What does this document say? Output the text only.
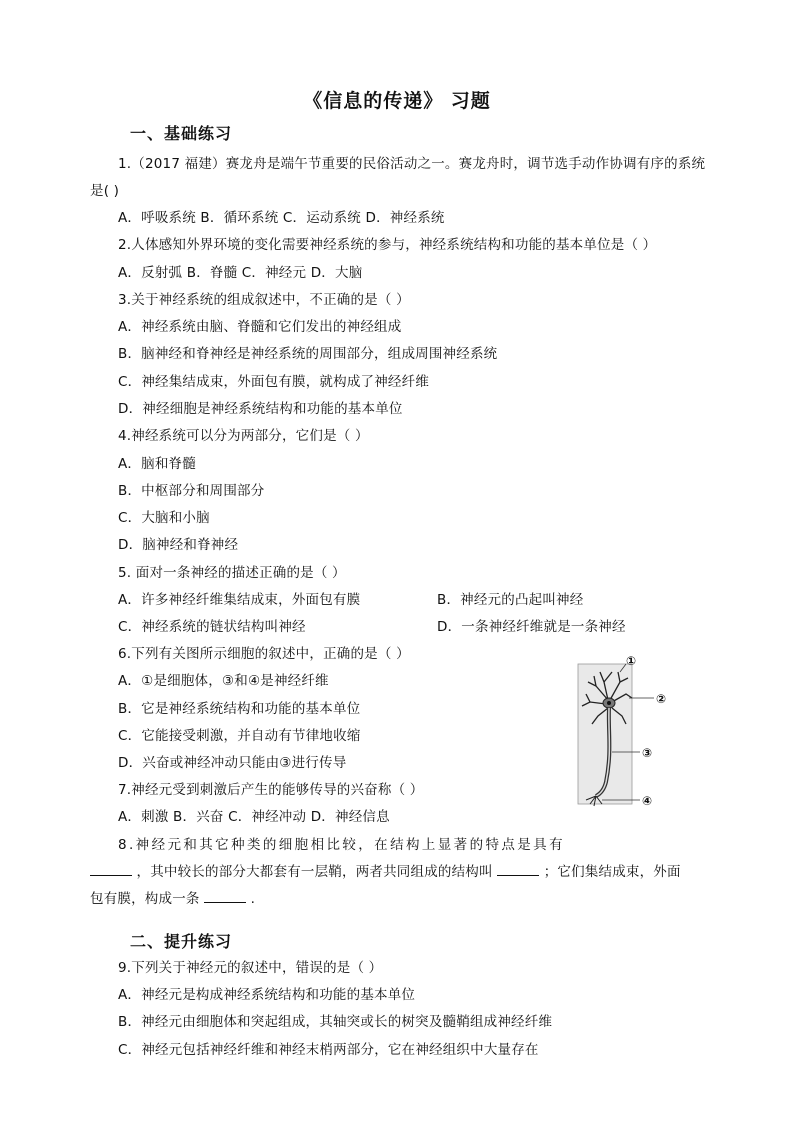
《信息的传递》 习题
一、基础练习
1.（2017 福建）赛龙舟是端午节重要的民俗活动之一。赛龙舟时，调节选手动作协调有序的系统
是( )
A．呼吸系统 B．循环系统 C．运动系统 D．神经系统
2.人体感知外界环境的变化需要神经系统的参与，神经系统结构和功能的基本单位是（ ）
A．反射弧 B．脊髓 C．神经元 D．大脑
3.关于神经系统的组成叙述中，不正确的是（ ）
A．神经系统由脑、脊髓和它们发出的神经组成
B．脑神经和脊神经是神经系统的周围部分，组成周围神经系统
C．神经集结成束，外面包有膜，就构成了神经纤维
D．神经细胞是神经系统结构和功能的基本单位
4.神经系统可以分为两部分，它们是（ ）
A．脑和脊髓
B．中枢部分和周围部分
C．大脑和小脑
D．脑神经和脊神经
5. 面对一条神经的描述正确的是（ ）
A．许多神经纤维集结成束，外面包有膜	B．神经元的凸起叫神经
C．神经系统的链状结构叫神经	D．一条神经纤维就是一条神经
6.下列有关图所示细胞的叙述中，正确的是（ ）
A．①是细胞体，③和④是神经纤维
B．它是神经系统结构和功能的基本单位
C．它能接受刺激，并自动有节律地收缩
D．兴奋或神经冲动只能由③进行传导
①
②
③
④
7.神经元受到刺激后产生的能够传导的兴奋称（ ）
A．刺激 B．兴奋 C．神经冲动 D．神经信息
8.神经元和其它种类的细胞相比较，在结构上显著的特点是具有
，其中较长的部分大都套有一层鞘，两者共同组成的结构叫	；它们集结成束，外面
包有膜，构成一条	.
二、提升练习
9.下列关于神经元的叙述中，错误的是（ ）
A．神经元是构成神经系统结构和功能的基本单位
B．神经元由细胞体和突起组成，其轴突或长的树突及髓鞘组成神经纤维
C．神经元包括神经纤维和神经末梢两部分，它在神经组织中大量存在
